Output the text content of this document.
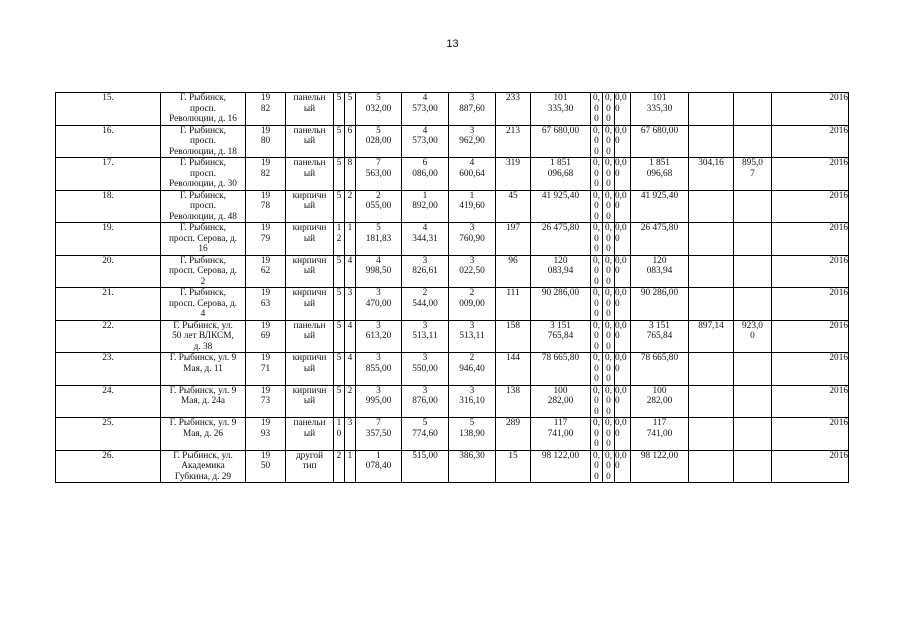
13
15.	Г. Рыбинск,
просп.
Революции, д. 16	19
82	панельн
ый	5	5	5
032,00	4
573,00	3
887,60	233	101
335,30	0,
0
0	0,
0
0	0,0
0	101
335,30			2016
16.	Г. Рыбинск,
просп.
Революции, д. 18	19
80	панельн
ый	5	6	5
028,00	4
573,00	3
962,90	213	67 680,00	0,
0
0	0,
0
0	0,0
0	67 680,00			2016
17.	Г. Рыбинск,
просп.
Революции, д. 30	19
82	панельн
ый	5	8	7
563,00	6
086,00	4
600,64	319	1 851
096,68	0,
0
0	0,
0
0	0,0
0	1 851
096,68	304,16	895,0
7	2016
18.	Г. Рыбинск,
просп.
Революции, д. 48	19
78	кирпичн
ый	5	2	2
055,00	1
892,00	1
419,60	45	41 925,40	0,
0
0	0,
0
0	0,0
0	41 925,40			2016
19.	Г. Рыбинск,
просп. Серова, д.
16	19
79	кирпичн
ый	1
2	1	5
181,83	4
344,31	3
760,90	197	26 475,80	0,
0
0	0,
0
0	0,0
0	26 475,80			2016
20.	Г. Рыбинск,
просп. Серова, д.
2	19
62	кирпичн
ый	5	4	4
998,50	3
826,61	3
022,50	96	120
083,94	0,
0
0	0,
0
0	0,0
0	120
083,94			2016
21.	Г. Рыбинск,
просп. Серова, д.
4	19
63	кирпичн
ый	5	3	3
470,00	2
544,00	2
009,00	111	90 286,00	0,
0
0	0,
0
0	0,0
0	90 286,00			2016
22.	Г. Рыбинск, ул.
50 лет ВЛКСМ,
д. 38	19
69	панельн
ый	5	4	3
613,20	3
513,11	3
513,11	158	3 151
765,84	0,
0
0	0,
0
0	0,0
0	3 151
765,84	897,14	923,0
0	2016
23.	Г. Рыбинск, ул. 9
Мая, д. 11	19
71	кирпичн
ый	5	4	3
855,00	3
550,00	2
946,40	144	78 665,80	0,
0
0	0,
0
0	0,0
0	78 665,80			2016
24.	Г. Рыбинск, ул. 9
Мая, д. 24а	19
73	кирпичн
ый	5	2	3
995,00	3
876,00	3
316,10	138	100
282,00	0,
0
0	0,
0
0	0,0
0	100
282,00			2016
25.	Г. Рыбинск, ул. 9
Мая, д. 26	19
93	панельн
ый	1
0	3	7
357,50	5
774,60	5
138,90	289	117
741,00	0,
0
0	0,
0
0	0,0
0	117
741,00			2016
26.	Г. Рыбинск, ул.
Академика
Губкина, д. 29	19
50	другой
тип	2	1	1
078,40	515,00	386,30	15	98 122,00	0,
0
0	0,
0
0	0,0
0	98 122,00			2016
